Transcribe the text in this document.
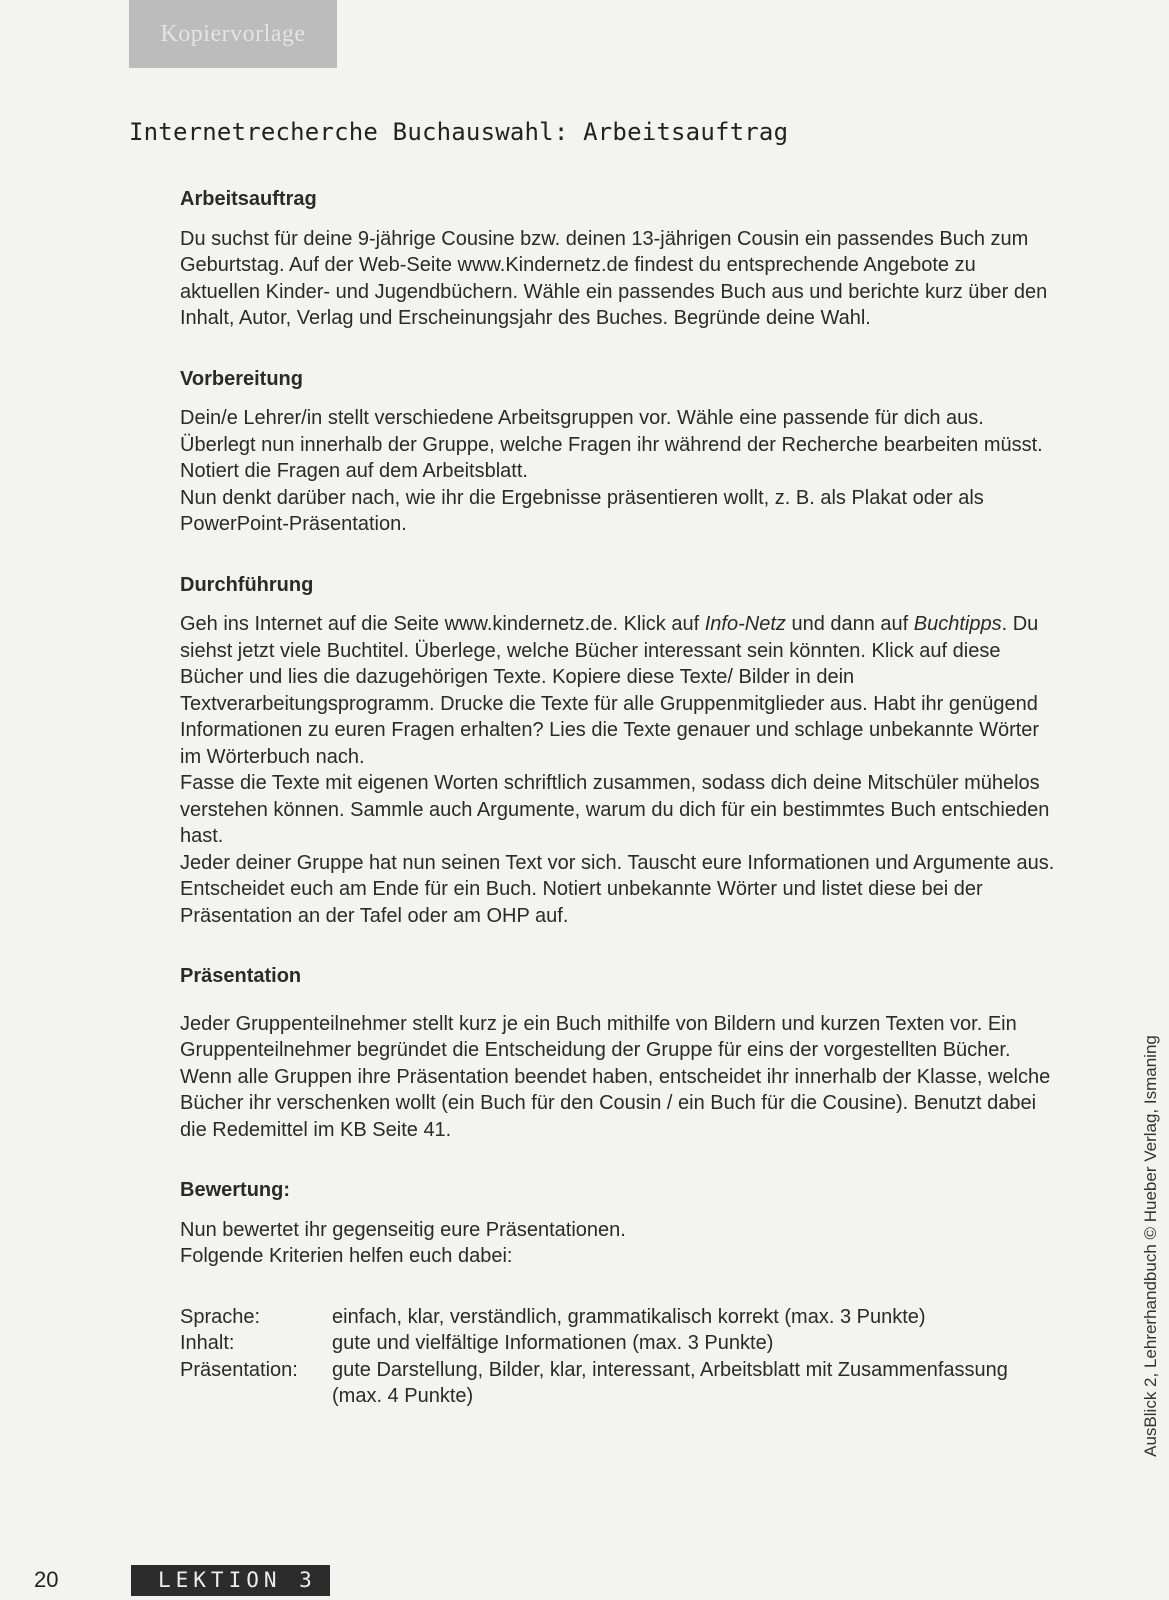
Kopiervorlage
Internetrecherche Buchauswahl: Arbeitsauftrag
Arbeitsauftrag

Du suchst für deine 9-jährige Cousine bzw. deinen 13-jährigen Cousin ein passendes Buch zum Geburtstag. Auf der Web-Seite www.Kindernetz.de findest du entsprechende Angebote zu aktuellen Kinder- und Jugendbüchern. Wähle ein passendes Buch aus und berichte kurz über den Inhalt, Autor, Verlag und Erscheinungsjahr des Buches. Begründe deine Wahl.

Vorbereitung

Dein/e Lehrer/in stellt verschiedene Arbeitsgruppen vor. Wähle eine passende für dich aus. Überlegt nun innerhalb der Gruppe, welche Fragen ihr während der Recherche bearbeiten müsst. Notiert die Fragen auf dem Arbeitsblatt.

Nun denkt darüber nach, wie ihr die Ergebnisse präsentieren wollt, z. B. als Plakat oder als PowerPoint-Präsentation.

Durchführung

Geh ins Internet auf die Seite www.kindernetz.de. Klick auf Info-Netz und dann auf Buchtipps. Du siehst jetzt viele Buchtitel. Überlege, welche Bücher interessant sein könnten. Klick auf diese Bücher und lies die dazugehörigen Texte. Kopiere diese Texte/ Bilder in dein Textverarbeitungsprogramm. Drucke die Texte für alle Gruppenmitglieder aus. Habt ihr genügend Informationen zu euren Fragen erhalten? Lies die Texte genauer und schlage unbekannte Wörter im Wörterbuch nach.

Fasse die Texte mit eigenen Worten schriftlich zusammen, sodass dich deine Mitschüler mühelos verstehen können. Sammle auch Argumente, warum du dich für ein bestimmtes Buch entschieden hast.

Jeder deiner Gruppe hat nun seinen Text vor sich. Tauscht eure Informationen und Argumente aus. Entscheidet euch am Ende für ein Buch. Notiert unbekannte Wörter und listet diese bei der Präsentation an der Tafel oder am OHP auf.

Präsentation

Jeder Gruppenteilnehmer stellt kurz je ein Buch mithilfe von Bildern und kurzen Texten vor. Ein Gruppenteilnehmer begründet die Entscheidung der Gruppe für eins der vorgestellten Bücher. Wenn alle Gruppen ihre Präsentation beendet haben, entscheidet ihr innerhalb der Klasse, welche Bücher ihr verschenken wollt (ein Buch für den Cousin / ein Buch für die Cousine). Benutzt dabei die Redemittel im KB Seite 41.

Bewertung:

Nun bewertet ihr gegenseitig eure Präsentationen.

Folgende Kriterien helfen euch dabei:

Sprache:	einfach, klar, verständlich, grammatikalisch korrekt (max. 3 Punkte)
Inhalt:	gute und vielfältige Informationen (max. 3 Punkte)
Präsentation:	gute Darstellung, Bilder, klar, interessant, Arbeitsblatt mit Zusammenfassung (max. 4 Punkte)
20	LEKTION 3
AusBlick 2, Lehrerhandbuch © Hueber Verlag, Ismaning
